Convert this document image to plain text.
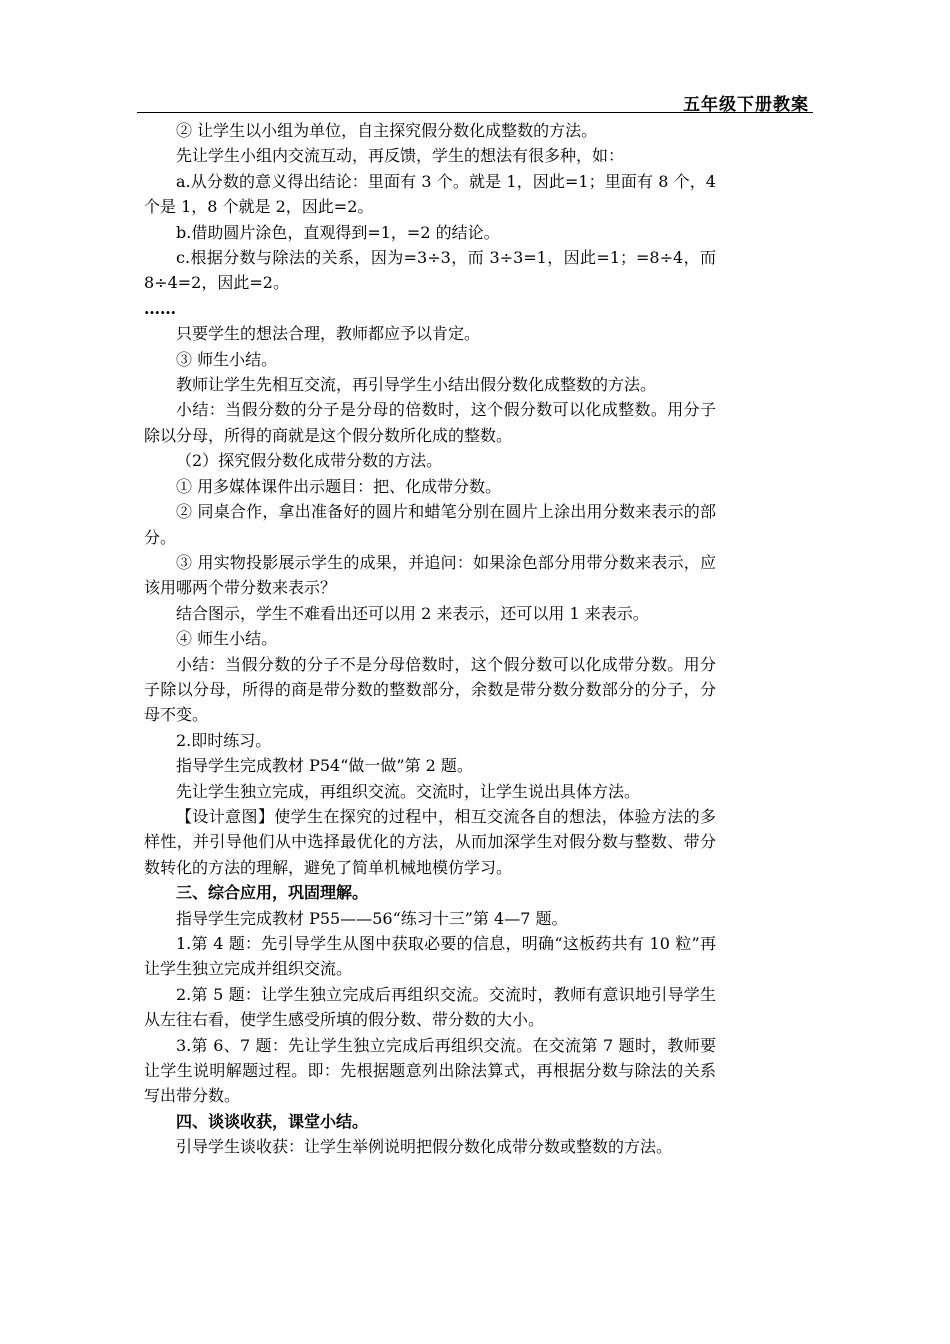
五年级下册教案

② 让学生以小组为单位，自主探究假分数化成整数的方法。

先让学生小组内交流互动，再反馈，学生的想法有很多种，如：

a.从分数的意义得出结论：里面有 3 个。就是 1，因此=1；里面有 8 个，4 个是 1，8 个就是 2，因此=2。

b.借助圆片涂色，直观得到=1，=2 的结论。

c.根据分数与除法的关系，因为=3÷3，而 3÷3=1，因此=1；=8÷4，而 8÷4=2，因此=2。

……

只要学生的想法合理，教师都应予以肯定。

③ 师生小结。

教师让学生先相互交流，再引导学生小结出假分数化成整数的方法。

小结：当假分数的分子是分母的倍数时，这个假分数可以化成整数。用分子除以分母，所得的商就是这个假分数所化成的整数。

（2）探究假分数化成带分数的方法。

① 用多媒体课件出示题目：把、化成带分数。

② 同桌合作，拿出准备好的圆片和蜡笔分别在圆片上涂出用分数来表示的部分。

③ 用实物投影展示学生的成果，并追问：如果涂色部分用带分数来表示，应该用哪两个带分数来表示？

结合图示，学生不难看出还可以用 2 来表示，还可以用 1 来表示。

④ 师生小结。

小结：当假分数的分子不是分母倍数时，这个假分数可以化成带分数。用分子除以分母，所得的商是带分数的整数部分，余数是带分数分数部分的分子，分母不变。

2.即时练习。

指导学生完成教材 P54“做一做”第 2 题。

先让学生独立完成，再组织交流。交流时，让学生说出具体方法。

【设计意图】使学生在探究的过程中，相互交流各自的想法，体验方法的多样性，并引导他们从中选择最优化的方法，从而加深学生对假分数与整数、带分数转化的方法的理解，避免了简单机械地模仿学习。

三、综合应用，巩固理解。

指导学生完成教材 P55——56“练习十三”第 4—7 题。

1.第 4 题：先引导学生从图中获取必要的信息，明确“这板药共有 10 粒”再让学生独立完成并组织交流。

2.第 5 题：让学生独立完成后再组织交流。交流时，教师有意识地引导学生从左往右看，使学生感受所填的假分数、带分数的大小。

3.第 6、7 题：先让学生独立完成后再组织交流。在交流第 7 题时，教师要让学生说明解题过程。即：先根据题意列出除法算式，再根据分数与除法的关系写出带分数。

四、谈谈收获，课堂小结。

引导学生谈收获：让学生举例说明把假分数化成带分数或整数的方法。
